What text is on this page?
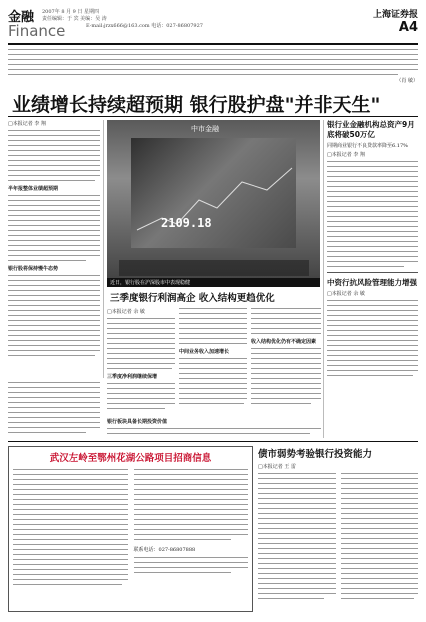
金融
Finance
2007年 8 月 9 日 星期四
责任编辑：于 宾 美编：吴 涛
E-mail:jrzx666@163.com 电话：027-86807927
上海证券报
A4
（肖 敏）
业绩增长持续超预期 银行股护盘"并非天生"
□本报记者 李 翔
半年报整体业绩超预期
银行股将保持慢牛态势
中市金融
2109.18
近日，银行股在沪深股市中表现稳健
三季度银行利润高企 收入结构更趋优化
□本报记者 余 敏
三季度净利润继续保增
中间业务收入加速增长
收入结构优化仍有不确定因素
银行板块具备长期投资价值
银行业金融机构总资产9月底将破50万亿
同期商业银行不良贷款率降至6.17%
□本报记者 李 翔
中资行抗风险管理能力增强
□本报记者 余 敏
武汉左岭至鄂州花湖公路项目招商信息
联系电话：027-86807888
债市弱势考验银行投资能力
□本报记者 王 雷
